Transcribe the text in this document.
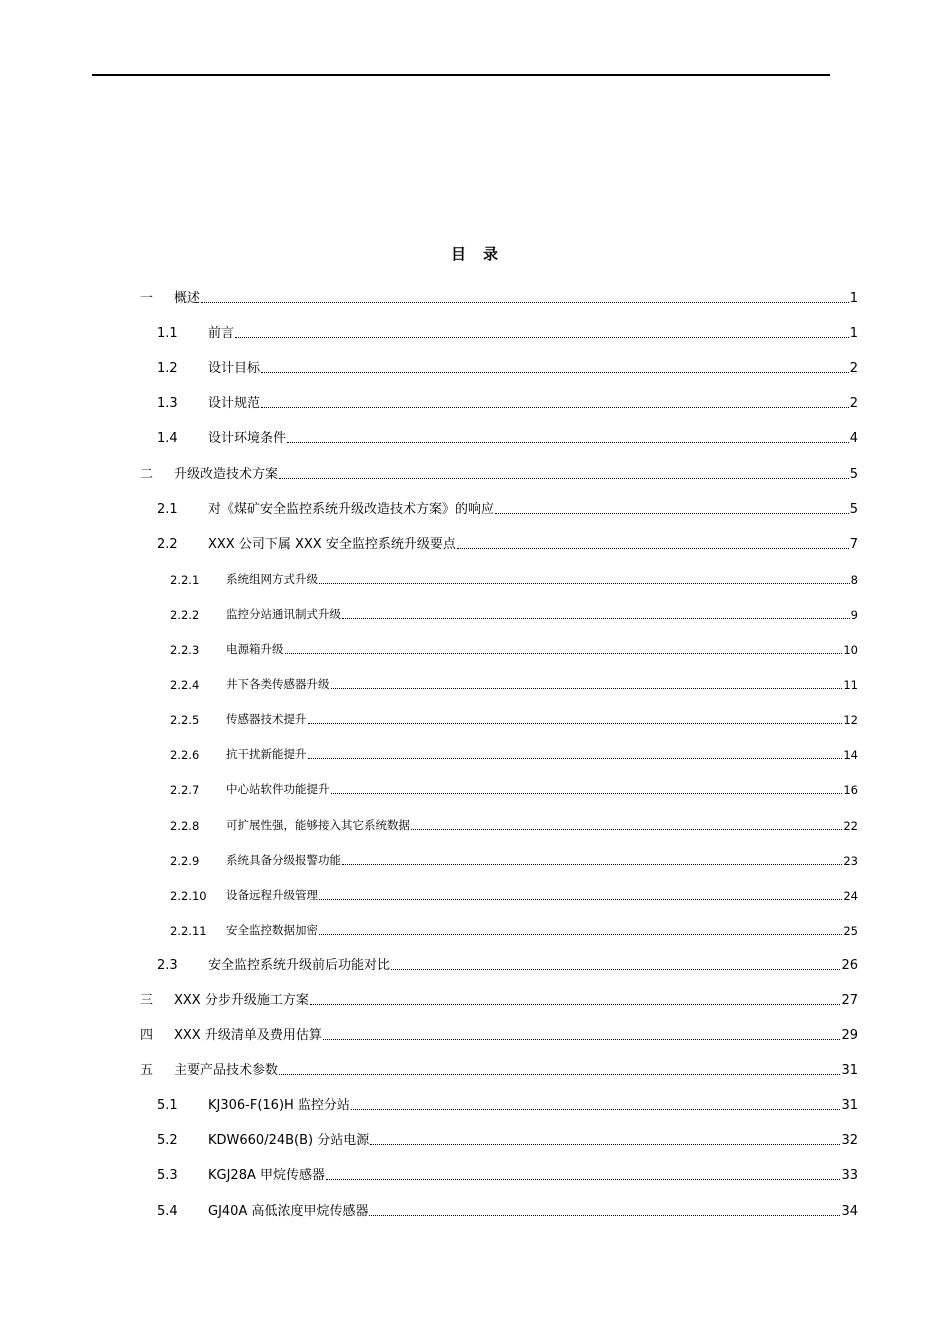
目　录
一	概述	1
1.1	前言	1
1.2	设计目标	2
1.3	设计规范	2
1.4	设计环境条件	4
二	升级改造技术方案	5
2.1	对《煤矿安全监控系统升级改造技术方案》的响应	5
2.2	XXX 公司下属 XXX 安全监控系统升级要点	7
2.2.1	系统组网方式升级	8
2.2.2	监控分站通讯制式升级	9
2.2.3	电源箱升级	10
2.2.4	井下各类传感器升级	11
2.2.5	传感器技术提升	12
2.2.6	抗干扰新能提升	14
2.2.7	中心站软件功能提升	16
2.2.8	可扩展性强，能够接入其它系统数据	22
2.2.9	系统具备分级报警功能	23
2.2.10	设备远程升级管理	24
2.2.11	安全监控数据加密	25
2.3	安全监控系统升级前后功能对比	26
三	XXX 分步升级施工方案	27
四	XXX 升级清单及费用估算	29
五	主要产品技术参数	31
5.1	KJ306-F(16)H 监控分站	31
5.2	KDW660/24B(B) 分站电源	32
5.3	KGJ28A 甲烷传感器	33
5.4	GJ40A 高低浓度甲烷传感器	34
